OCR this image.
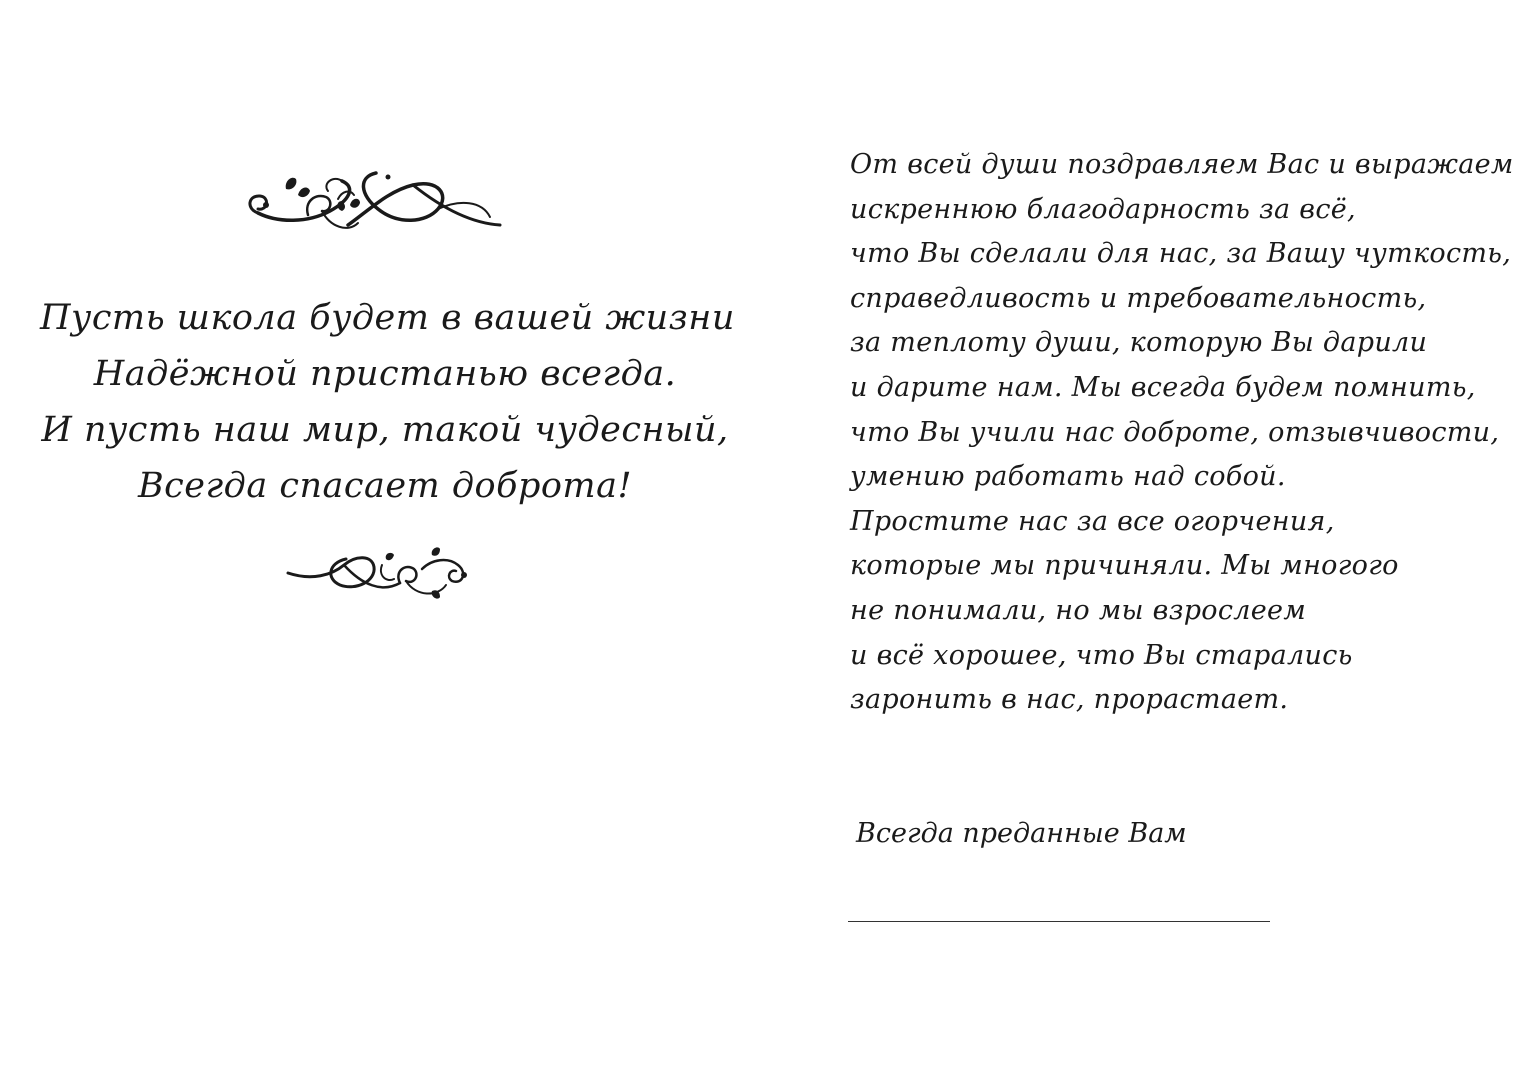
Пусть школа будет в вашей жизни
Надёжной пристанью всегда.
И пусть наш мир, такой чудесный,
Всегда спасает доброта!
От всей души поздравляем Вас и выражаем
искреннюю благодарность за всё,
что Вы сделали для нас, за Вашу чуткость,
справедливость и требовательность,
за теплоту души, которую Вы дарили
и дарите нам. Мы всегда будем помнить,
что Вы учили нас доброте, отзывчивости,
умению работать над собой.
Простите нас за все огорчения,
которые мы причиняли. Мы многого
не понимали, но мы взрослеем
и всё хорошее, что Вы старались
заронить в нас, прорастает.

Всегда преданные Вам
